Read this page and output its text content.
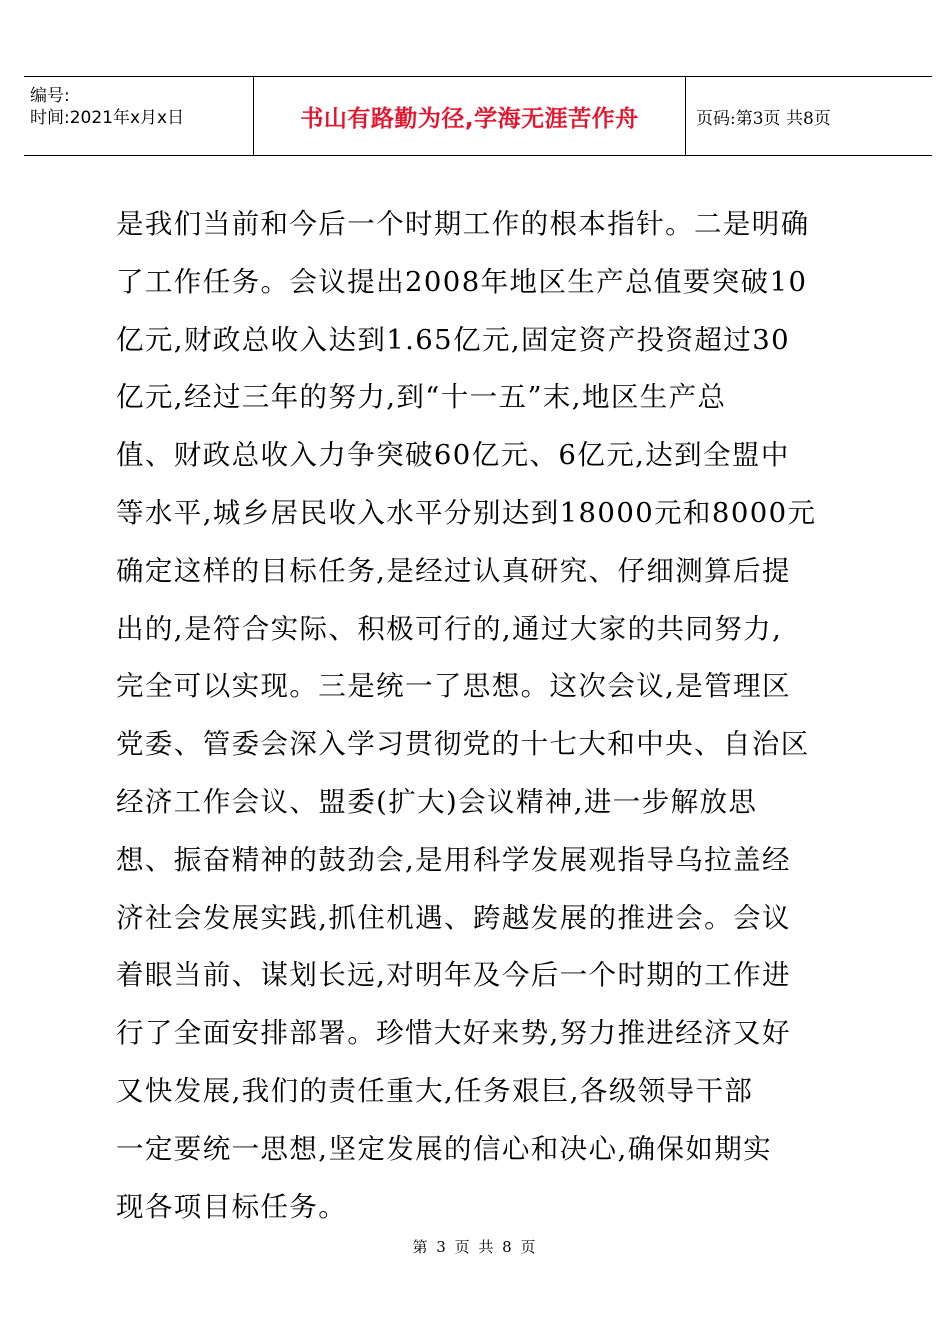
编号:
时间:2021年x月x日	书山有路勤为径,学海无涯苦作舟	页码:第3页 共8页
是我们当前和今后一个时期工作的根本指针。二是明确
了工作任务。会议提出2008年地区生产总值要突破10
亿元,财政总收入达到1.65亿元,固定资产投资超过30
亿元,经过三年的努力,到“十一五”末,地区生产总
值、财政总收入力争突破60亿元、6亿元,达到全盟中
等水平,城乡居民收入水平分别达到18000元和8000元
确定这样的目标任务,是经过认真研究、仔细测算后提
出的,是符合实际、积极可行的,通过大家的共同努力,
完全可以实现。三是统一了思想。这次会议,是管理区
党委、管委会深入学习贯彻党的十七大和中央、自治区
经济工作会议、盟委(扩大)会议精神,进一步解放思
想、振奋精神的鼓劲会,是用科学发展观指导乌拉盖经
济社会发展实践,抓住机遇、跨越发展的推进会。会议
着眼当前、谋划长远,对明年及今后一个时期的工作进
行了全面安排部署。珍惜大好来势,努力推进经济又好
又快发展,我们的责任重大,任务艰巨,各级领导干部
一定要统一思想,坚定发展的信心和决心,确保如期实
现各项目标任务。
第 3 页 共 8 页
